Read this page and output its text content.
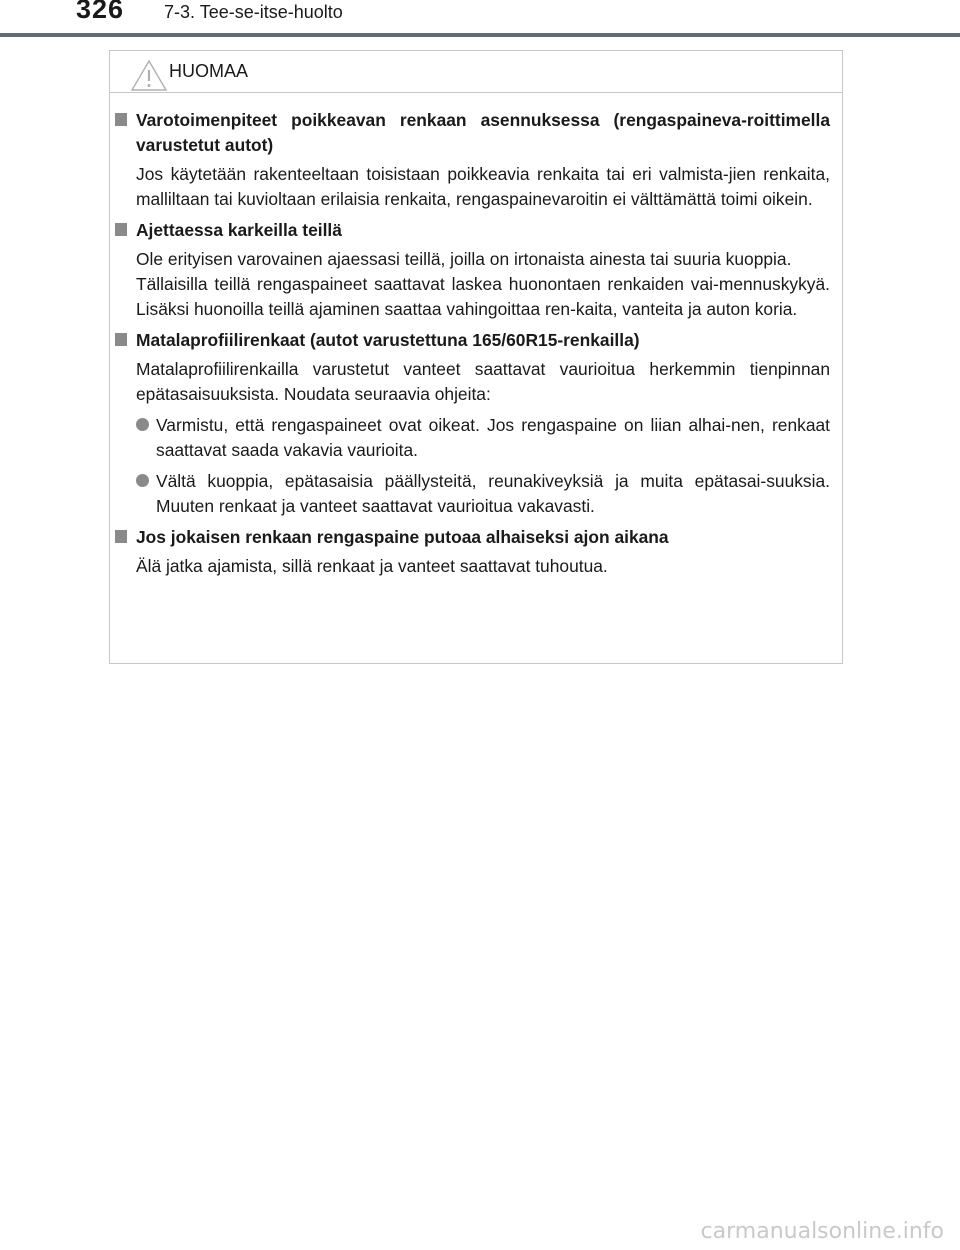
326 7-3. Tee-se-itse-huolto
HUOMAA
Varotoimenpiteet poikkeavan renkaan asennuksessa (rengaspaineva-roittimella varustetut autot)
Jos käytetään rakenteeltaan toisistaan poikkeavia renkaita tai eri valmista-jien renkaita, malliltaan tai kuvioltaan erilaisia renkaita, rengaspainevaroitin ei välttämättä toimi oikein.
Ajettaessa karkeilla teillä
Ole erityisen varovainen ajaessasi teillä, joilla on irtonaista ainesta tai suuria kuoppia.
Tällaisilla teillä rengaspaineet saattavat laskea huonontaen renkaiden vai-mennuskykyä. Lisäksi huonoilla teillä ajaminen saattaa vahingoittaa ren-kaita, vanteita ja auton koria.
Matalaprofiilirenkaat (autot varustettuna 165/60R15-renkailla)
Matalaprofiilirenkailla varustetut vanteet saattavat vaurioitua herkemmin tienpinnan epätasaisuuksista. Noudata seuraavia ohjeita:
Varmistu, että rengaspaineet ovat oikeat. Jos rengaspaine on liian alhai-nen, renkaat saattavat saada vakavia vaurioita.
Vältä kuoppia, epätasaisia päällysteitä, reunakiveyksiä ja muita epätasai-suuksia. Muuten renkaat ja vanteet saattavat vaurioitua vakavasti.
Jos jokaisen renkaan rengaspaine putoaa alhaiseksi ajon aikana
Älä jatka ajamista, sillä renkaat ja vanteet saattavat tuhoutua.
carmanualsonline.info
